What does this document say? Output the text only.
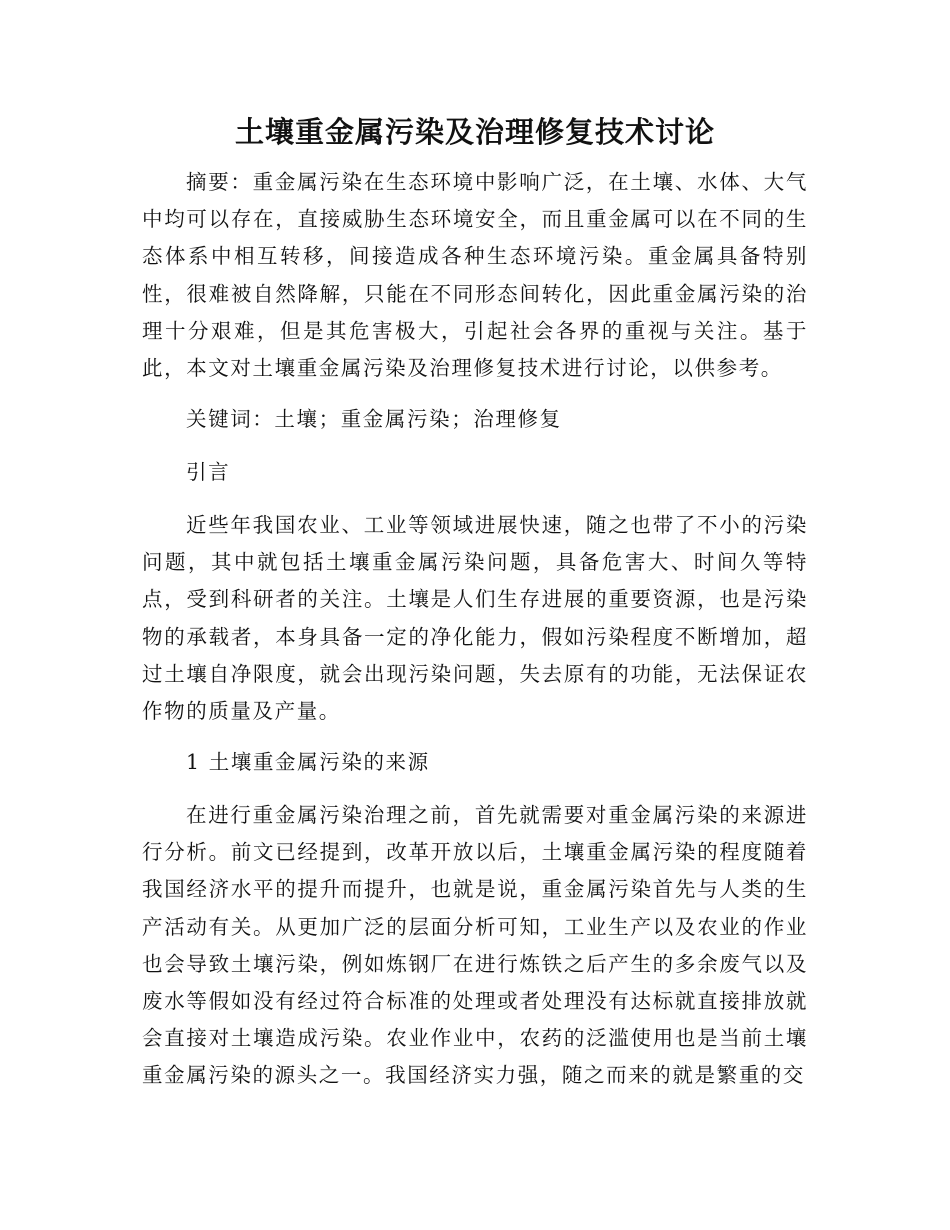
土壤重金属污染及治理修复技术讨论

摘要：重金属污染在生态环境中影响广泛，在土壤、水体、大气中均可以存在，直接威胁生态环境安全，而且重金属可以在不同的生态体系中相互转移，间接造成各种生态环境污染。重金属具备特别性，很难被自然降解，只能在不同形态间转化，因此重金属污染的治理十分艰难，但是其危害极大，引起社会各界的重视与关注。基于此，本文对土壤重金属污染及治理修复技术进行讨论，以供参考。

关键词：土壤；重金属污染；治理修复

引言

近些年我国农业、工业等领域进展快速，随之也带了不小的污染问题，其中就包括土壤重金属污染问题，具备危害大、时间久等特点，受到科研者的关注。土壤是人们生存进展的重要资源，也是污染物的承载者，本身具备一定的净化能力，假如污染程度不断增加，超过土壤自净限度，就会出现污染问题，失去原有的功能，无法保证农作物的质量及产量。

1 土壤重金属污染的来源

在进行重金属污染治理之前，首先就需要对重金属污染的来源进行分析。前文已经提到，改革开放以后，土壤重金属污染的程度随着我国经济水平的提升而提升，也就是说，重金属污染首先与人类的生产活动有关。从更加广泛的层面分析可知，工业生产以及农业的作业也会导致土壤污染，例如炼钢厂在进行炼铁之后产生的多余废气以及废水等假如没有经过符合标准的处理或者处理没有达标就直接排放就会直接对土壤造成污染。农业作业中，农药的泛滥使用也是当前土壤重金属污染的源头之一。我国经济实力强，随之而来的就是繁重的交
